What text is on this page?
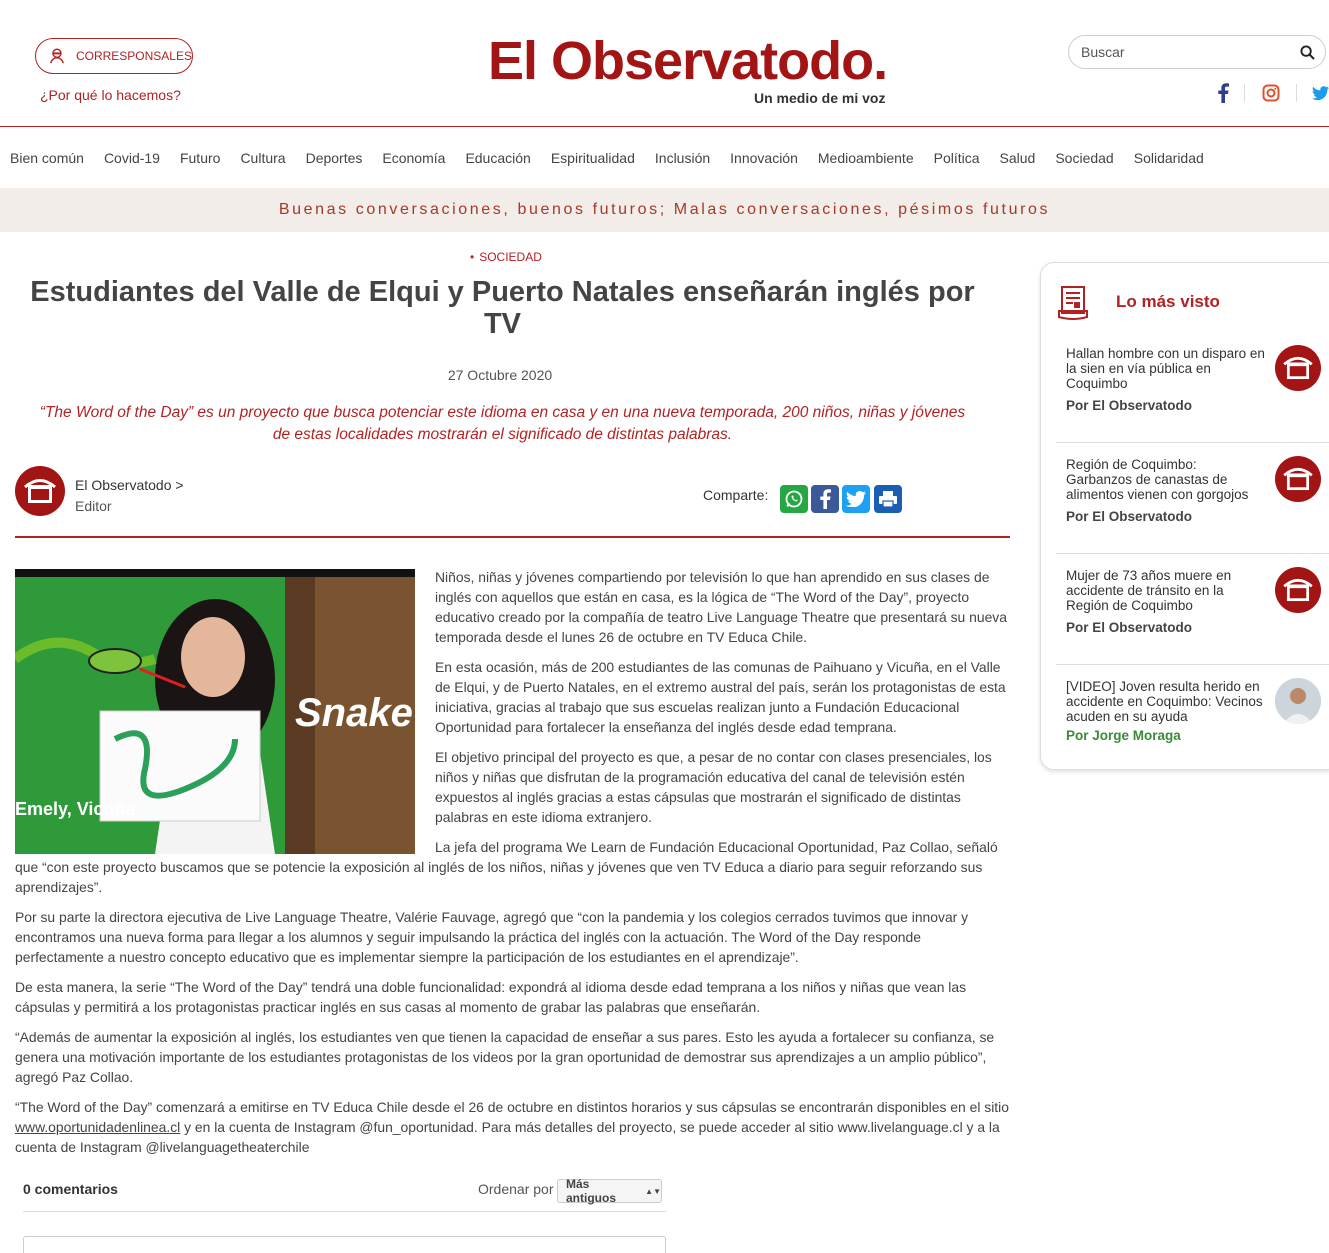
CORRESPONSALES
¿Por qué lo hacemos?
El Observatodo.
Un medio de mi voz
Buscar
Bien común Covid-19 Futuro Cultura Deportes Economía Educación Espiritualidad Inclusión Innovación Medioambiente Política Salud Sociedad Solidaridad
Buenas conversaciones, buenos futuros; Malas conversaciones, pésimos futuros
• SOCIEDAD
Estudiantes del Valle de Elqui y Puerto Natales enseñarán inglés por TV
27 Octubre 2020
“The Word of the Day” es un proyecto que busca potenciar este idioma en casa y en una nueva temporada, 200 niños, niñas y jóvenes de estas localidades mostrarán el significado de distintas palabras.
El Observatodo >
Editor
Comparte:
Snake
Emely, Vicuña

Niños, niñas y jóvenes compartiendo por televisión lo que han aprendido en sus clases de inglés con aquellos que están en casa, es la lógica de “The Word of the Day”, proyecto educativo creado por la compañía de teatro Live Language Theatre que presentará su nueva temporada desde el lunes 26 de octubre en TV Educa Chile.

En esta ocasión, más de 200 estudiantes de las comunas de Paihuano y Vicuña, en el Valle de Elqui, y de Puerto Natales, en el extremo austral del país, serán los protagonistas de esta iniciativa, gracias al trabajo que sus escuelas realizan junto a Fundación Educacional Oportunidad para fortalecer la enseñanza del inglés desde edad temprana.

El objetivo principal del proyecto es que, a pesar de no contar con clases presenciales, los niños y niñas que disfrutan de la programación educativa del canal de televisión estén expuestos al inglés gracias a estas cápsulas que mostrarán el significado de distintas palabras en este idioma extranjero.

La jefa del programa We Learn de Fundación Educacional Oportunidad, Paz Collao, señaló que “con este proyecto buscamos que se potencie la exposición al inglés de los niños, niñas y jóvenes que ven TV Educa a diario para seguir reforzando sus aprendizajes”.

Por su parte la directora ejecutiva de Live Language Theatre, Valérie Fauvage, agregó que “con la pandemia y los colegios cerrados tuvimos que innovar y encontramos una nueva forma para llegar a los alumnos y seguir impulsando la práctica del inglés con la actuación. The Word of the Day responde perfectamente a nuestro concepto educativo que es implementar siempre la participación de los estudiantes en el aprendizaje”.

De esta manera, la serie “The Word of the Day” tendrá una doble funcionalidad: expondrá al idioma desde edad temprana a los niños y niñas que vean las cápsulas y permitirá a los protagonistas practicar inglés en sus casas al momento de grabar las palabras que enseñarán.

“Además de aumentar la exposición al inglés, los estudiantes ven que tienen la capacidad de enseñar a sus pares. Esto les ayuda a fortalecer su confianza, se genera una motivación importante de los estudiantes protagonistas de los videos por la gran oportunidad de demostrar sus aprendizajes a un amplio público”, agregó Paz Collao.

“The Word of the Day” comenzará a emitirse en TV Educa Chile desde el 26 de octubre en distintos horarios y sus cápsulas se encontrarán disponibles en el sitio www.oportunidadenlinea.cl y en la cuenta de Instagram @fun_oportunidad. Para más detalles del proyecto, se puede acceder al sitio www.livelanguage.cl y a la cuenta de Instagram @livelanguagetheaterchile

0 comentarios	Ordenar por Más antiguos	▲▼
Lo más visto
Hallan hombre con un disparo en la sien en vía pública en Coquimbo
Por El Observatodo
Región de Coquimbo: Garbanzos de canastas de alimentos vienen con gorgojos
Por El Observatodo
Mujer de 73 años muere en accidente de tránsito en la Región de Coquimbo
Por El Observatodo
[VIDEO] Joven resulta herido en accidente en Coquimbo: Vecinos acuden en su ayuda
Por Jorge Moraga
